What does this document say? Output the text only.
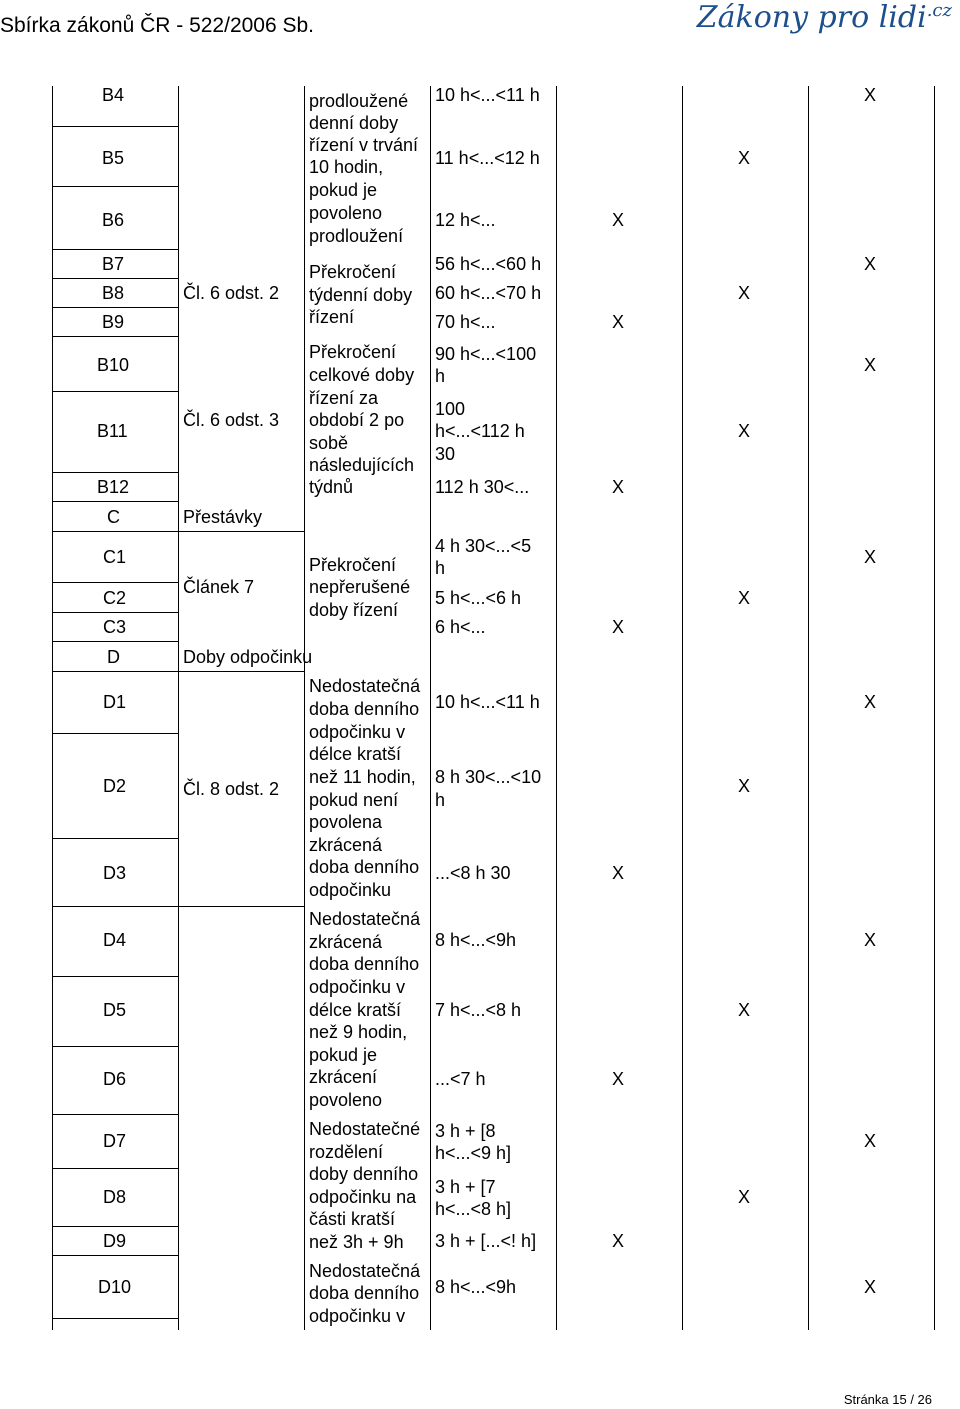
Sbírka zákonů ČR - 522/2006 Sb.	Zákony pro lidi$^{.cz}$
B4
B5
B6
B7
B8
B9
B10
B11
B12
C
C1
C2
C3
D
D1
D2
D3
D4
D5
D6
D7
D8
D9
D10
Čl. 6 odst. 2
Čl. 6 odst. 3
Přestávky
Článek 7
Doby odpočinku
Čl. 8 odst. 2
prodloužené
denní doby
řízení v trvání
10 hodin,
pokud je
povoleno
prodloužení
Překročení
týdenní doby
řízení
Překročení
celkové doby
řízení za
období 2 po
sobě
následujících
týdnů
Překročení
nepřerušené
doby řízení
Nedostatečná
doba denního
odpočinku v
délce kratší
než 11 hodin,
pokud není
povolena
zkrácená
doba denního
odpočinku
Nedostatečná
zkrácená
doba denního
odpočinku v
délce kratší
než 9 hodin,
pokud je
zkrácení
povoleno
Nedostatečné
rozdělení
doby denního
odpočinku na
části kratší
než 3h + 9h
Nedostatečná
doba denního
odpočinku v
10 h<...<11 h
11 h<...<12 h
12 h<...
56 h<...<60 h
60 h<...<70 h
70 h<...
90 h<...<100
h
100
h<...<112 h
30
112 h 30<...
4 h 30<...<5
h
5 h<...<6 h
6 h<...
10 h<...<11 h
8 h 30<...<10
h
...<8 h 30
8 h<...<9h
7 h<...<8 h
...<7 h
3 h + [8
h<...<9 h]
3 h + [7
h<...<8 h]
3 h + [...<! h]
8 h<...<9h
X
X
X
X
X
X
X
X
X
X
X
X
X
X
X
X
X
X
X
X
X
X
Stránka 15 / 26
